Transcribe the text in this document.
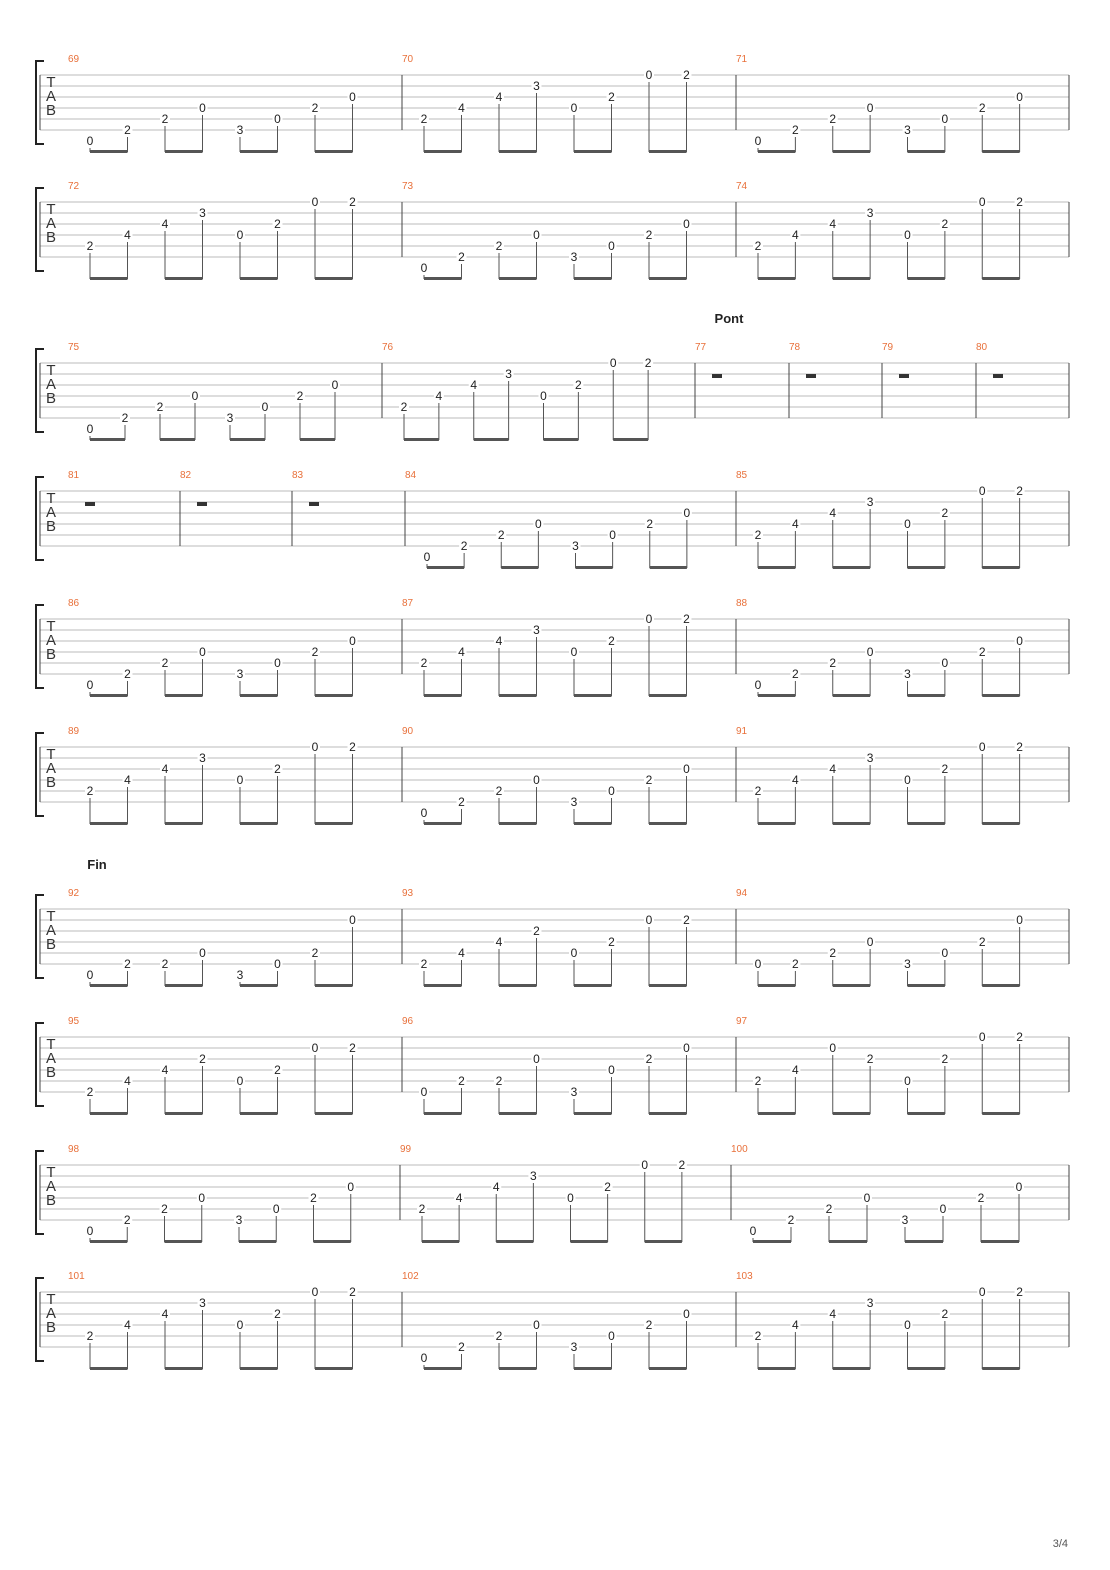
T
A
B
69
0
2
2
0
3
0
2
0
70
2
4
4
3
0
2
0	2
71
0
2
2
0
3
0
2
0
T
A
B
72
2
4
4
3
0
2
0	2
73
0
2
2
0
3
0
2
0
74
2
4
4
3
0
2
0	2
T
A
B
Pont
75
0
2
2
0
3
0
2
0
76
2
4
4
3
0
2
0 2
77	78	79	80
T
A
B
81	82	83	84
0
2
2
0
3
0
2
0
85
2
4
4
3
0
2
0	2
T
A
B
86
0
2
2
0
3
0
2
0
87
2
4
4
3
0
2
0	2
88
0
2
2
0
3
0
2
0
T
A
B
89
2
4
4
3
0
2
0	2
90
0
2
2
0
3
0
2
0
91
2
4
4
3
0
2
0	2
T
A
B
Fin
92
0
2	2
0
3
0
2
0
93
2
4
4
2
0
2
0	2
94
0	2
2
0
3
0
2
0
T
A
B
95
2
4
4
2
0
2
0	2
96
0
2	2
0
3
0
2
0
97
2
4
0
2
0
2
0	2
T
A
B
98
0
2
2
0
3
0
2
0
99
2
4
4
3
0
2
0	2
100
0
2
2
0
3
0
2
0
T
A
B
101
2
4
4
3
0
2
0	2
102
0
2
2
0
3
0
2
0
103
2
4
4
3
0
2
0	2
3/4
